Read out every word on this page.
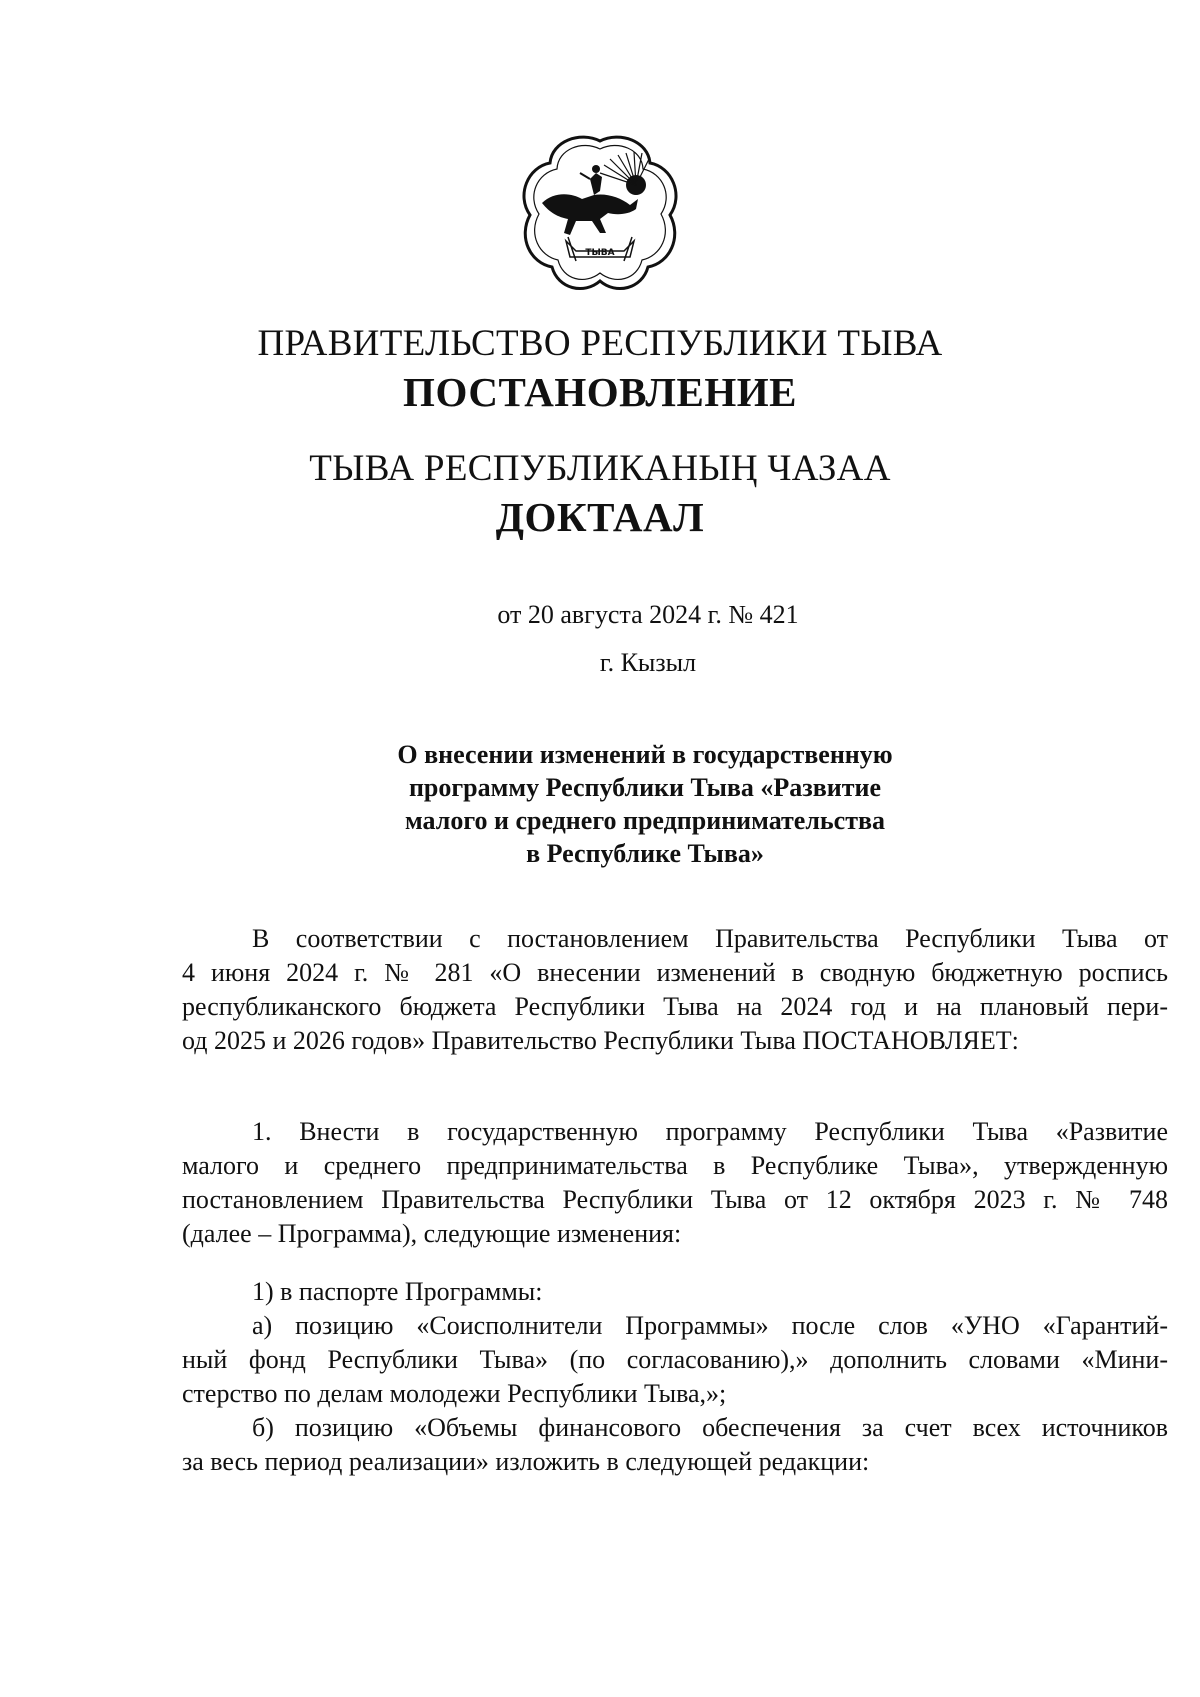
ТЫВА
ПРАВИТЕЛЬСТВО РЕСПУБЛИКИ ТЫВА
ПОСТАНОВЛЕНИЕ
ТЫВА РЕСПУБЛИКАНЫҢ ЧАЗАА
ДОКТААЛ
от 20 августа 2024 г. № 421
г. Кызыл
О внесении изменений в государственную
программу Республики Тыва «Развитие
малого и среднего предпринимательства
в Республике Тыва»
В соответствии с постановлением Правительства Республики Тыва от
4 июня 2024 г. № 281 «О внесении изменений в сводную бюджетную роспись
республиканского бюджета Республики Тыва на 2024 год и на плановый пери-
од 2025 и 2026 годов» Правительство Республики Тыва ПОСТАНОВЛЯЕТ:
1. Внести в государственную программу Республики Тыва «Развитие
малого и среднего предпринимательства в Республике Тыва», утвержденную
постановлением Правительства Республики Тыва от 12 октября 2023 г. № 748
(далее – Программа), следующие изменения:
1) в паспорте Программы:
а) позицию «Соисполнители Программы» после слов «УНО «Гарантий-
ный фонд Республики Тыва» (по согласованию),» дополнить словами «Мини-
стерство по делам молодежи Республики Тыва,»;
б) позицию «Объемы финансового обеспечения за счет всех источников
за весь период реализации» изложить в следующей редакции:
